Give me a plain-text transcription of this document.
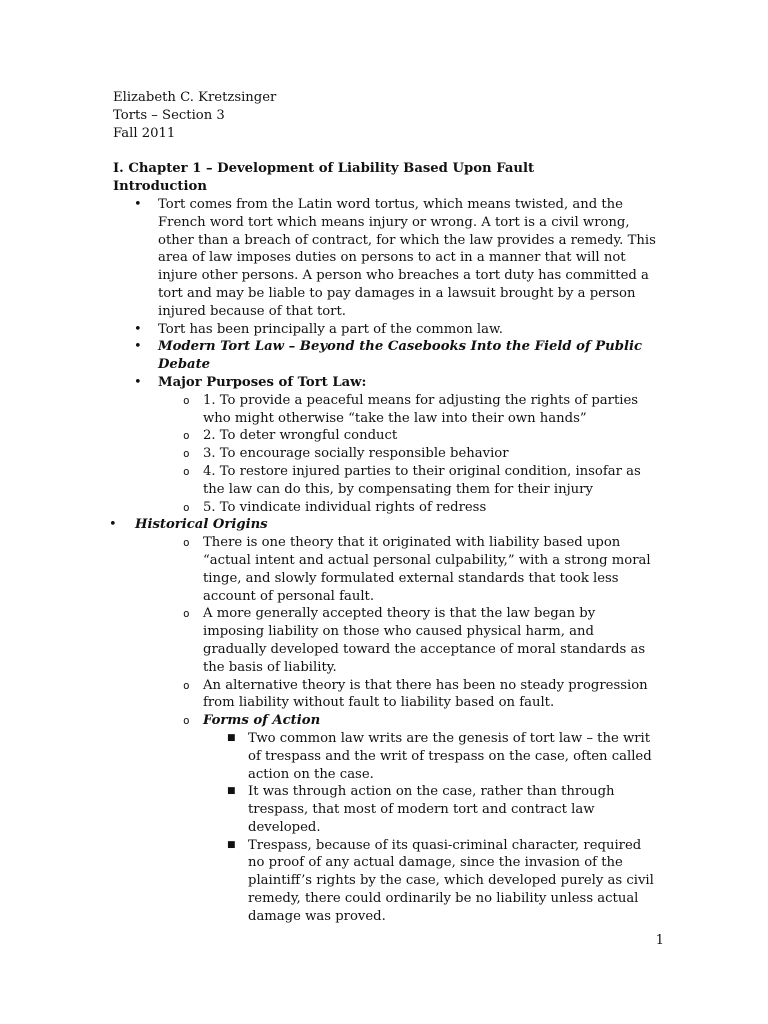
Elizabeth C. Kretzsinger
Torts – Section 3
Fall 2011
I. Chapter 1 – Development of Liability Based Upon Fault
Introduction
• Tort comes from the Latin word tortus, which means twisted, and the French word tort which means injury or wrong. A tort is a civil wrong, other than a breach of contract, for which the law provides a remedy. This area of law imposes duties on persons to act in a manner that will not injure other persons. A person who breaches a tort duty has committed a tort and may be liable to pay damages in a lawsuit brought by a person injured because of that tort.
• Tort has been principally a part of the common law.
• Modern Tort Law – Beyond the Casebooks Into the Field of Public Debate
• Major Purposes of Tort Law:
o 1. To provide a peaceful means for adjusting the rights of parties who might otherwise “take the law into their own hands”
o 2. To deter wrongful conduct
o 3. To encourage socially responsible behavior
o 4. To restore injured parties to their original condition, insofar as the law can do this, by compensating them for their injury
o 5. To vindicate individual rights of redress
• Historical Origins
o There is one theory that it originated with liability based upon “actual intent and actual personal culpability,” with a strong moral tinge, and slowly formulated external standards that took less account of personal fault.
o A more generally accepted theory is that the law began by imposing liability on those who caused physical harm, and gradually developed toward the acceptance of moral standards as the basis of liability.
o An alternative theory is that there has been no steady progression from liability without fault to liability based on fault.
o Forms of Action
■ Two common law writs are the genesis of tort law – the writ of trespass and the writ of trespass on the case, often called action on the case.
■ It was through action on the case, rather than through trespass, that most of modern tort and contract law developed.
■ Trespass, because of its quasi-criminal character, required no proof of any actual damage, since the invasion of the plaintiff’s rights by the case, which developed purely as civil remedy, there could ordinarily be no liability unless actual damage was proved.
1
